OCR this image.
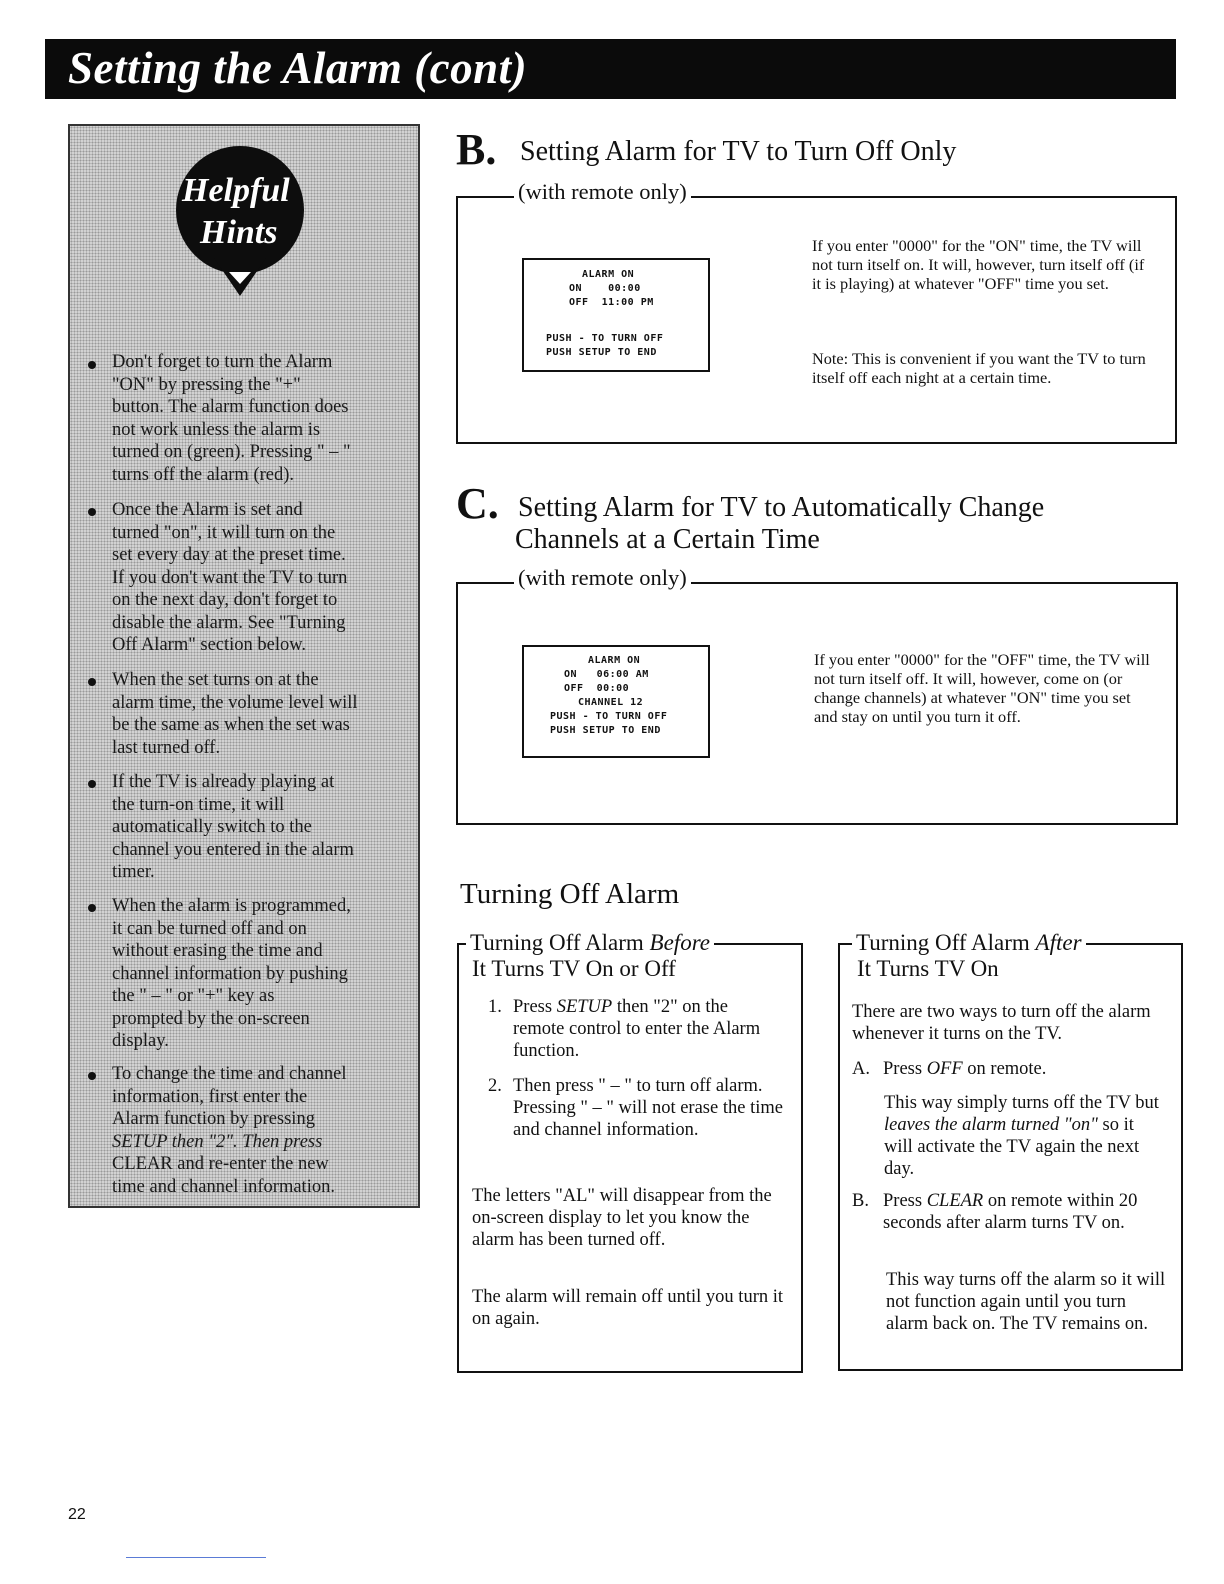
Setting the Alarm (cont)
Helpful
Hints
Don't forget to turn the Alarm
"ON" by pressing the "+"
button. The alarm function does
not work unless the alarm is
turned on (green). Pressing " – "
turns off the alarm (red).
Once the Alarm is set and
turned "on", it will turn on the
set every day at the preset time.
If you don't want the TV to turn
on the next day, don't forget to
disable the alarm. See "Turning
Off Alarm" section below.
When the set turns on at the
alarm time, the volume level will
be the same as when the set was
last turned off.
If the TV is already playing at
the turn-on time, it will
automatically switch to the
channel you entered in the alarm
timer.
When the alarm is programmed,
it can be turned off and on
without erasing the time and
channel information by pushing
the " – " or "+" key as
prompted by the on-screen
display.
To change the time and channel
information, first enter the
Alarm function by pressing
SETUP then "2". Then press
CLEAR and re-enter the new
time and channel information.
B. Setting Alarm for TV to Turn Off Only
(with remote only)
ALARM ON
ON    00:00
OFF  11:00 PM
PUSH - TO TURN OFF
PUSH SETUP TO END
If you enter "0000" for the "ON" time, the TV will not turn itself on. It will, however, turn itself off (if it is playing) at whatever "OFF" time you set.
Note: This is convenient if you want the TV to turn itself off each night at a certain time.
C. Setting Alarm for TV to Automatically Change
Channels at a Certain Time
(with remote only)
ALARM ON
ON   06:00 AM
OFF  00:00
CHANNEL 12
PUSH - TO TURN OFF
PUSH SETUP TO END
If you enter "0000" for the "OFF" time, the TV will not turn itself off. It will, however, come on (or change channels) at whatever "ON" time you set and stay on until you turn it off.
Turning Off Alarm
Turning Off Alarm Before
It Turns TV On or Off
1. Press SETUP then "2" on the remote control to enter the Alarm function.
2. Then press " – " to turn off alarm. Pressing " – " will not erase the time and channel information.
The letters "AL" will disappear from the on-screen display to let you know the alarm has been turned off.
The alarm will remain off until you turn it on again.
Turning Off Alarm After
It Turns TV On
There are two ways to turn off the alarm whenever it turns on the TV.
A. Press OFF on remote.
This way simply turns off the TV but leaves the alarm turned "on" so it will activate the TV again the next day.
B. Press CLEAR on remote within 20 seconds after alarm turns TV on.
This way turns off the alarm so it will not function again until you turn alarm back on. The TV remains on.
22
